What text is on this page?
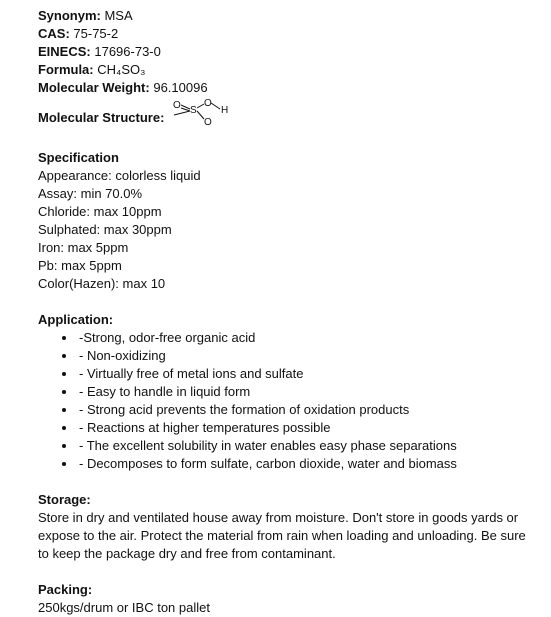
Synonym: MSA
CAS: 75-75-2
EINECS: 17696-73-0
Formula: CH₄SO₃
Molecular Weight: 96.10096
Molecular Structure:
O S
O
O
H
Specification
Appearance: colorless liquid
Assay: min 70.0%
Chloride: max 10ppm
Sulphated: max 30ppm
Iron: max 5ppm
Pb: max 5ppm
Color(Hazen): max 10
Application:
-Strong, odor-free organic acid
- Non-oxidizing
- Virtually free of metal ions and sulfate
- Easy to handle in liquid form
- Strong acid prevents the formation of oxidation products
- Reactions at higher temperatures possible
- The excellent solubility in water enables easy phase separations
- Decomposes to form sulfate, carbon dioxide, water and biomass
Storage:
Store in dry and ventilated house away from moisture. Don't store in goods yards or expose to the air. Protect the material from rain when loading and unloading. Be sure to keep the package dry and free from contaminant.
Packing:
250kgs/drum or IBC ton pallet
